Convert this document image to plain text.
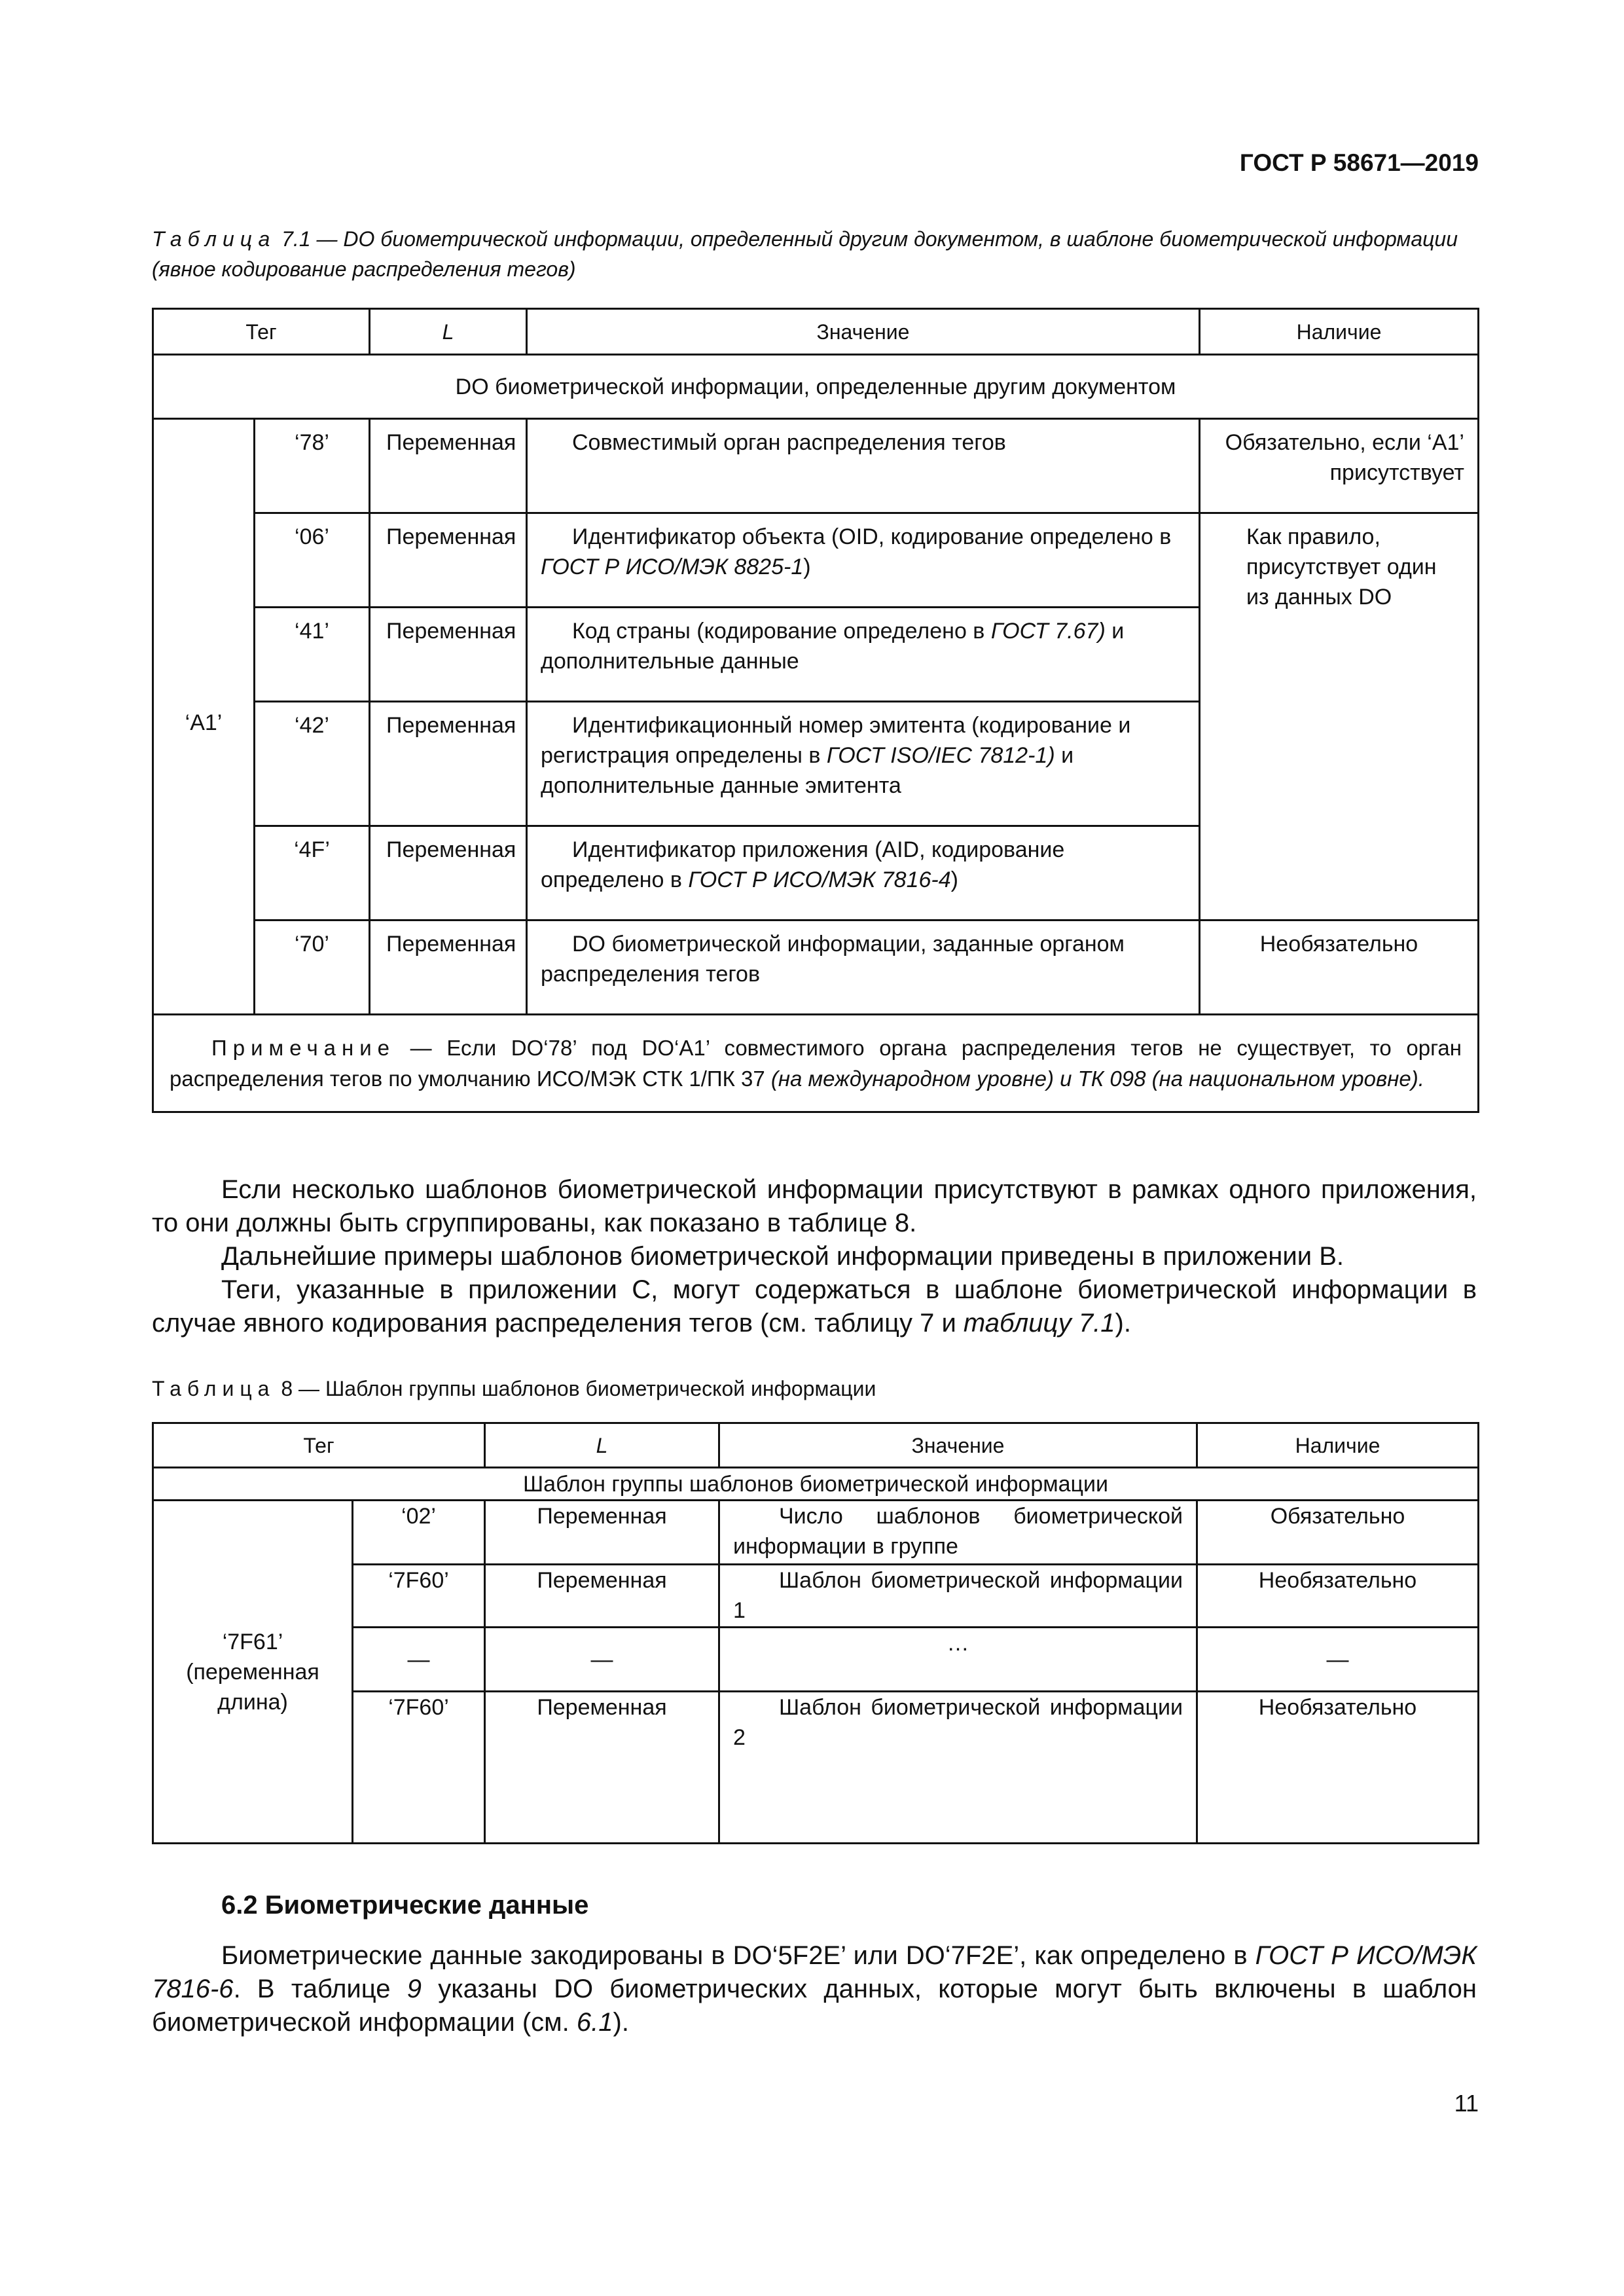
ГОСТ Р 58671—2019
Таблица 7.1 — DO биометрической информации, определенный другим документом, в шаблоне биометрической информации (явное кодирование распределения тегов)
Тег		L	Значение	Наличие
DO биометрической информации, определенные другим документом				
‘А1’	‘78’	Переменная	Совместимый орган распределения тегов	Обязательно, если ‘А1’ присутствует
	‘06’	Переменная	Идентификатор объекта (OID, кодирование определено в ГОСТ Р ИСО/МЭК 8825-1)	Как правило, присутствует один из данных DO
	‘41’	Переменная	Код страны (кодирование определено в ГОСТ 7.67) и дополнительные данные	
	‘42’	Переменная	Идентификационный номер эмитента (кодирование и регистрация определены в ГОСТ ISO/IEC 7812-1) и дополнительные данные эмитента	
	‘4F’	Переменная	Идентификатор приложения (AID, кодирование определено в ГОСТ Р ИСО/МЭК 7816-4)	
	‘70’	Переменная	DO биометрической информации, заданные органом распределения тегов	Необязательно
Примечание — Если DO‘78’ под DO‘A1’ совместимого органа распределения тегов не существует, то орган распределения тегов по умолчанию ИСО/МЭК СТК 1/ПК 37 (на международном уровне) и ТК 098 (на национальном уровне).				
Если несколько шаблонов биометрической информации присутствуют в рамках одного приложения, то они должны быть сгруппированы, как показано в таблице 8.
Дальнейшие примеры шаблонов биометрической информации приведены в приложении В.
Теги, указанные в приложении С, могут содержаться в шаблоне биометрической информации в случае явного кодирования распределения тегов (см. таблицу 7 и таблицу 7.1).
Таблица 8 — Шаблон группы шаблонов биометрической информации
Тег		L	Значение	Наличие
Шаблон группы шаблонов биометрической информации				
‘7F61’ (переменная длина)	‘02’	Переменная	Число шаблонов биометрической информации в группе	Обязательно
	‘7F60’	Переменная	Шаблон биометрической информации 1	Необязательно
	—	—	…	—
	‘7F60’	Переменная	Шаблон биометрической информации 2	Необязательно
6.2 Биометрические данные
Биометрические данные закодированы в DO‘5F2E’ или DO‘7F2E’, как определено в ГОСТ Р ИСО/МЭК 7816-6. В таблице 9 указаны DO биометрических данных, которые могут быть включены в шаблон биометрической информации (см. 6.1).
11
